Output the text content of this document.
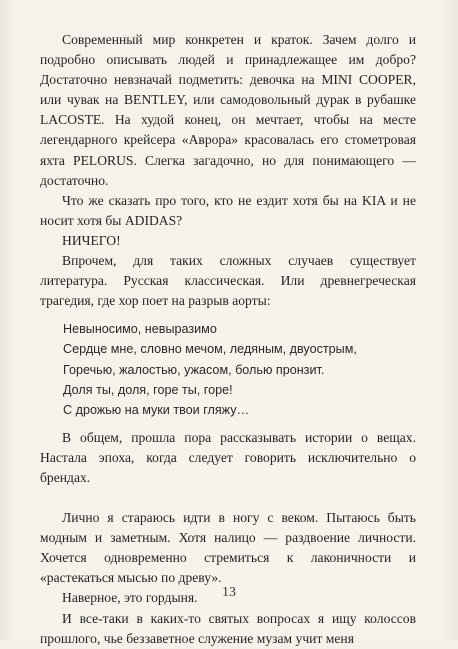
Современный мир конкретен и краток. Зачем долго и подробно описывать людей и принадлежащее им добро? Достаточно невзначай подметить: девочка на MINI COOPER, или чувак на BENTLEY, или самодовольный дурак в рубашке LACOSTE. На худой конец, он мечтает, чтобы на месте легендарного крейсера «Аврора» красовалась его стометровая яхта PELORUS. Слегка загадочно, но для понимающего — достаточно.

Что же сказать про того, кто не ездит хотя бы на KIA и не носит хотя бы ADIDAS?

НИЧЕГО!

Впрочем, для таких сложных случаев существует литература. Русская классическая. Или древнегреческая трагедия, где хор поет на разрыв аорты:

Невыносимо, невыразимо
Сердце мне, словно мечом, ледяным, двуострым,
Горечью, жалостью, ужасом, болью пронзит.
Доля ты, доля, горе ты, горе!
С дрожью на муки твои гляжу…

В общем, прошла пора рассказывать истории о вещах. Настала эпоха, когда следует говорить исключительно о брендах.

Лично я стараюсь идти в ногу с веком. Пытаюсь быть модным и заметным. Хотя налицо — раздвоение личности. Хочется одновременно стремиться к лаконичности и «растекаться мысью по древу».

Наверное, это гордыня.

И все-таки в каких-то святых вопросах я ищу колоссов прошлого, чье беззаветное служение музам учит меня

13
